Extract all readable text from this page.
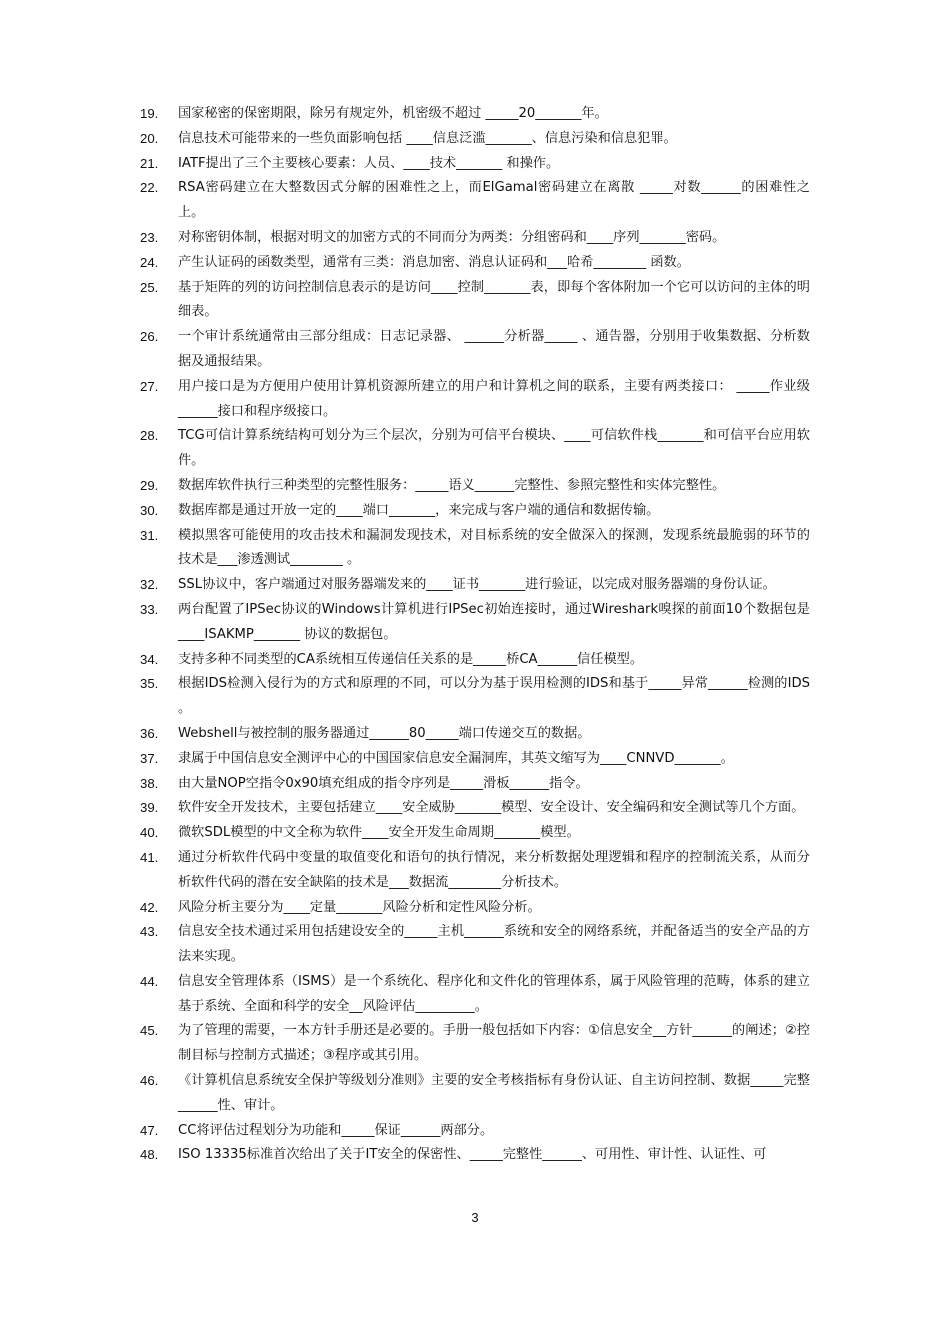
19.	国家秘密的保密期限，除另有规定外，机密级不超过 _____20_______年。
20.	信息技术可能带来的一些负面影响包括 ____信息泛滥_______、信息污染和信息犯罪。
21.	IATF提出了三个主要核心要素：人员、____技术_______ 和操作。
22.	RSA密码建立在大整数因式分解的困难性之上，而ElGamal密码建立在离散 _____对数______的困难性之上。
23.	对称密钥体制，根据对明文的加密方式的不同而分为两类：分组密码和____序列_______密码。
24.	产生认证码的函数类型，通常有三类：消息加密、消息认证码和___哈希________ 函数。
25.	基于矩阵的列的访问控制信息表示的是访问____控制_______表，即每个客体附加一个它可以访问的主体的明细表。
26.	一个审计系统通常由三部分组成：日志记录器、 ______分析器_____ 、通告器，分别用于收集数据、分析数据及通报结果。
27.	用户接口是为方便用户使用计算机资源所建立的用户和计算机之间的联系，主要有两类接口： _____作业级______接口和程序级接口。
28.	TCG可信计算系统结构可划分为三个层次，分别为可信平台模块、____可信软件栈_______和可信平台应用软件。
29.	数据库软件执行三种类型的完整性服务：_____语义______完整性、参照完整性和实体完整性。
30.	数据库都是通过开放一定的____端口_______，来完成与客户端的通信和数据传输。
31.	模拟黑客可能使用的攻击技术和漏洞发现技术，对目标系统的安全做深入的探测，发现系统最脆弱的环节的技术是___渗透测试________ 。
32.	SSL协议中，客户端通过对服务器端发来的____证书_______进行验证，以完成对服务器端的身份认证。
33.	两台配置了IPSec协议的Windows计算机进行IPSec初始连接时，通过Wireshark嗅探的前面10个数据包是____ISAKMP_______ 协议的数据包。
34.	支持多种不同类型的CA系统相互传递信任关系的是_____桥CA______信任模型。
35.	根据IDS检测入侵行为的方式和原理的不同，可以分为基于误用检测的IDS和基于_____异常______检测的IDS 。
36.	Webshell与被控制的服务器通过______80_____端口传递交互的数据。
37.	隶属于中国信息安全测评中心的中国国家信息安全漏洞库，其英文缩写为____CNNVD_______。
38.	由大量NOP空指令0x90填充组成的指令序列是_____滑板______指令。
39.	软件安全开发技术，主要包括建立____安全威胁_______模型、安全设计、安全编码和安全测试等几个方面。
40.	微软SDL模型的中文全称为软件____安全开发生命周期_______模型。
41.	通过分析软件代码中变量的取值变化和语句的执行情况，来分析数据处理逻辑和程序的控制流关系，从而分析软件代码的潜在安全缺陷的技术是___数据流________分析技术。
42.	风险分析主要分为____定量_______风险分析和定性风险分析。
43.	信息安全技术通过采用包括建设安全的_____主机______系统和安全的网络系统，并配备适当的安全产品的方法来实现。
44.	信息安全管理体系（ISMS）是一个系统化、程序化和文件化的管理体系，属于风险管理的范畴，体系的建立基于系统、全面和科学的安全__风险评估_________。
45.	为了管理的需要，一本方针手册还是必要的。手册一般包括如下内容：①信息安全__方针______的阐述；②控制目标与控制方式描述；③程序或其引用。
46.	《计算机信息系统安全保护等级划分准则》主要的安全考核指标有身份认证、自主访问控制、数据_____完整______性、审计。
47.	CC将评估过程划分为功能和_____保证______两部分。
48.	ISO 13335标准首次给出了关于IT安全的保密性、_____完整性______、可用性、审计性、认证性、可
3
